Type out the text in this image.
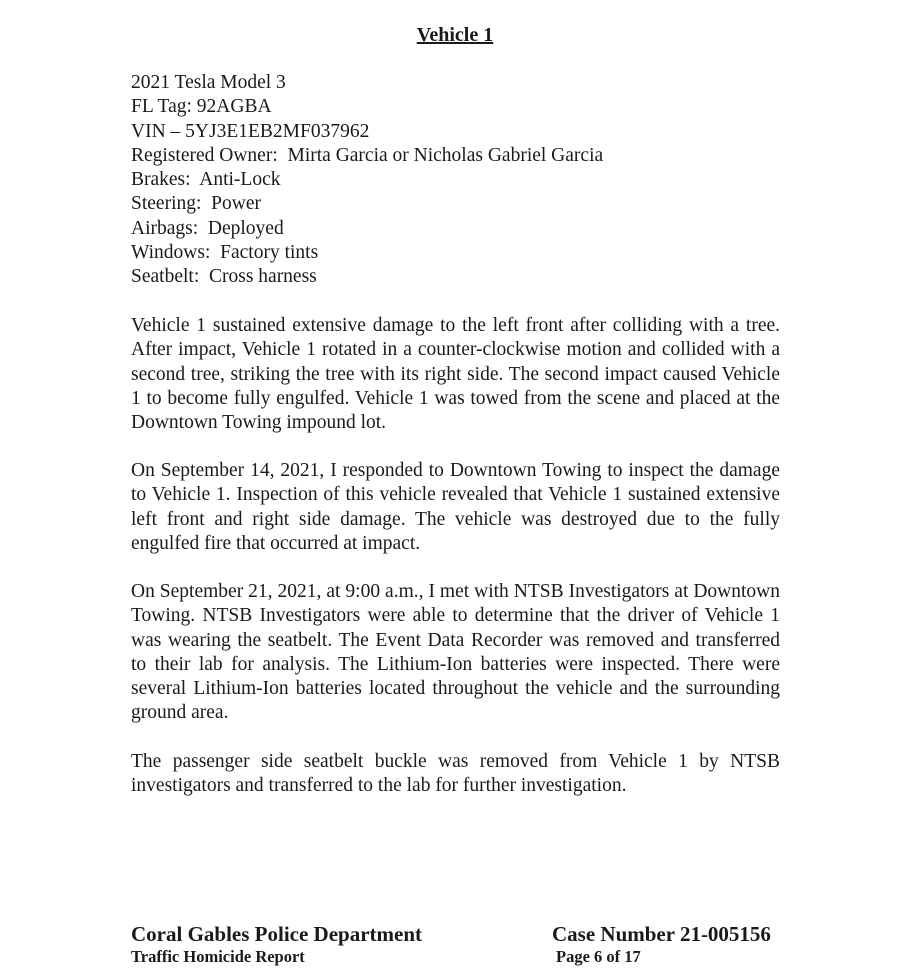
Vehicle 1
2021 Tesla Model 3
FL Tag: 92AGBA
VIN – 5YJ3E1EB2MF037962
Registered Owner:  Mirta Garcia or Nicholas Gabriel Garcia
Brakes:  Anti-Lock
Steering:  Power
Airbags:  Deployed
Windows:  Factory tints
Seatbelt:  Cross harness

Vehicle 1 sustained extensive damage to the left front after colliding with a tree. After impact, Vehicle 1 rotated in a counter-clockwise motion and collided with a second tree, striking the tree with its right side. The second impact caused Vehicle 1 to become fully engulfed. Vehicle 1 was towed from the scene and placed at the Downtown Towing impound lot.

On September 14, 2021, I responded to Downtown Towing to inspect the damage to Vehicle 1. Inspection of this vehicle revealed that Vehicle 1 sustained extensive left front and right side damage. The vehicle was destroyed due to the fully engulfed fire that occurred at impact.

On September 21, 2021, at 9:00 a.m., I met with NTSB Investigators at Downtown Towing. NTSB Investigators were able to determine that the driver of Vehicle 1 was wearing the seatbelt. The Event Data Recorder was removed and transferred to their lab for analysis. The Lithium-Ion batteries were inspected. There were several Lithium-Ion batteries located throughout the vehicle and the surrounding ground area.

The passenger side seatbelt buckle was removed from Vehicle 1 by NTSB investigators and transferred to the lab for further investigation.

Coral Gables Police Department
Traffic Homicide Report
Case Number 21-005156
Page 6 of 17
